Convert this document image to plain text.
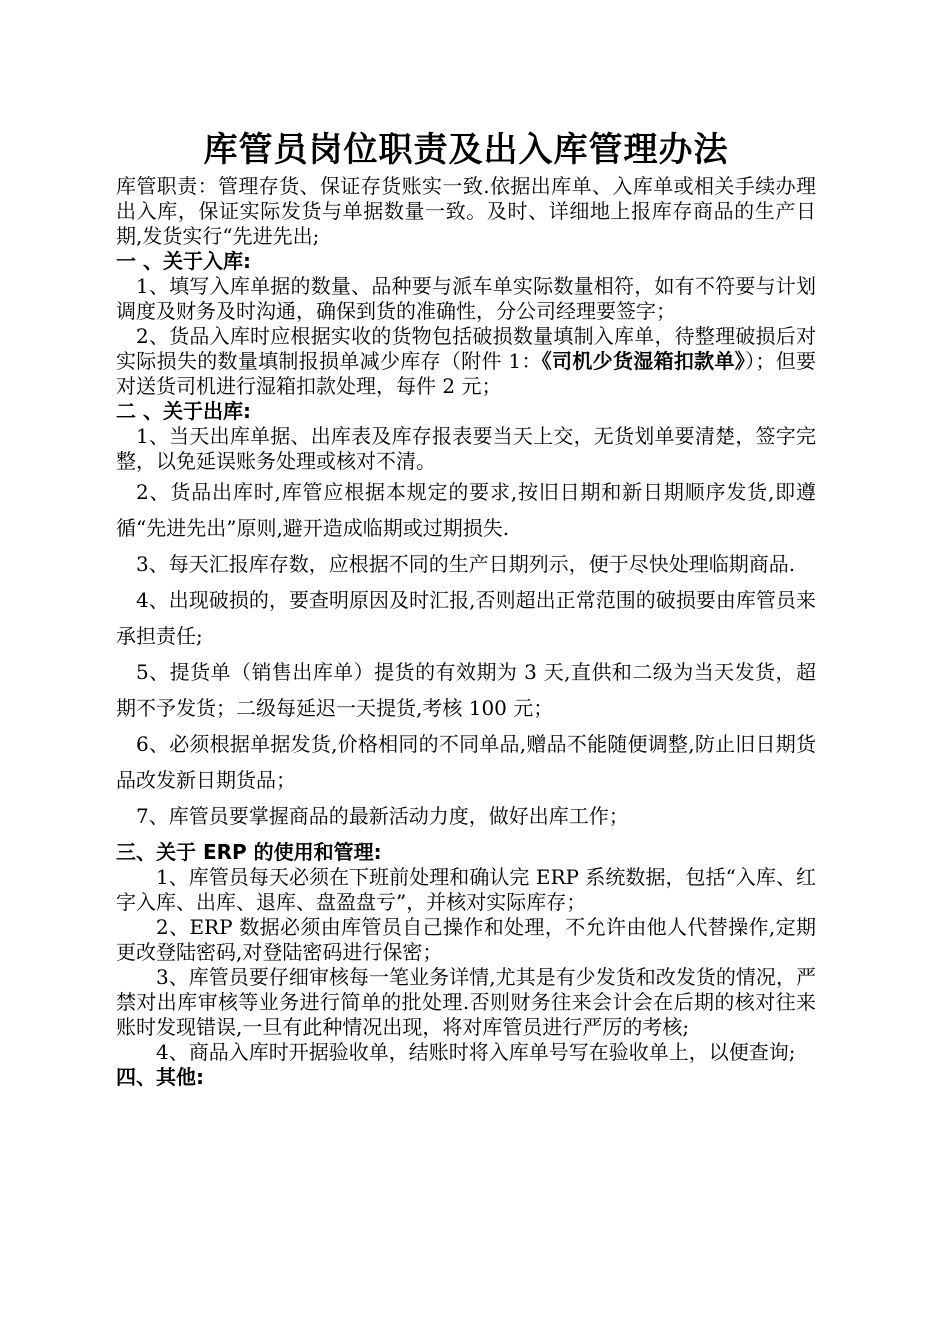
库管员岗位职责及出入库管理办法

库管职责：管理存货、保证存货账实一致.依据出库单、入库单或相关手续办理出入库，保证实际发货与单据数量一致。及时、详细地上报库存商品的生产日期,发货实行“先进先出;

一 、关于入库:

1、填写入库单据的数量、品种要与派车单实际数量相符，如有不符要与计划调度及财务及时沟通，确保到货的准确性，分公司经理要签字；

2、货品入库时应根据实收的货物包括破损数量填制入库单，待整理破损后对实际损失的数量填制报损单减少库存（附件 1：《司机少货湿箱扣款单》）；但要对送货司机进行湿箱扣款处理，每件 2 元；

二 、关于出库:

1、当天出库单据、出库表及库存报表要当天上交，无货划单要清楚，签字完整，以免延误账务处理或核对不清。

2、货品出库时,库管应根据本规定的要求,按旧日期和新日期顺序发货,即遵循“先进先出”原则,避开造成临期或过期损失.

3、每天汇报库存数，应根据不同的生产日期列示，便于尽快处理临期商品.

4、出现破损的，要查明原因及时汇报,否则超出正常范围的破损要由库管员来承担责任;

5、提货单（销售出库单）提货的有效期为 3 天,直供和二级为当天发货，超期不予发货；二级每延迟一天提货,考核 100 元；

6、必须根据单据发货,价格相同的不同单品,赠品不能随便调整,防止旧日期货品改发新日期货品；

7、库管员要掌握商品的最新活动力度，做好出库工作；

三、关于 ERP 的使用和管理:

1、库管员每天必须在下班前处理和确认完 ERP 系统数据，包括“入库、红字入库、出库、退库、盘盈盘亏”，并核对实际库存；

2、ERP 数据必须由库管员自己操作和处理，不允许由他人代替操作,定期更改登陆密码,对登陆密码进行保密；

3、库管员要仔细审核每一笔业务详情,尤其是有少发货和改发货的情况，严禁对出库审核等业务进行简单的批处理.否则财务往来会计会在后期的核对往来账时发现错误,一旦有此种情况出现，将对库管员进行严厉的考核;

4、商品入库时开据验收单，结账时将入库单号写在验收单上，以便查询;

四、其他:
